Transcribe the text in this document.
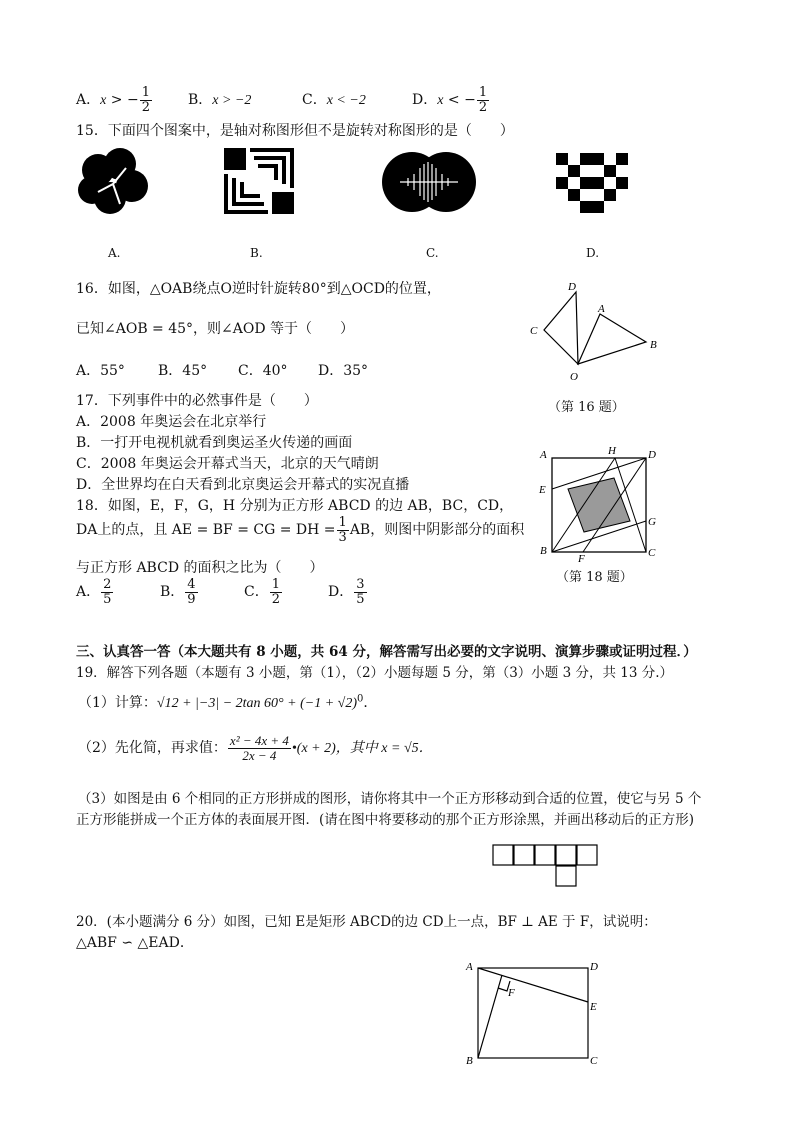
A．x > − $\frac{1}{2}$	B．x > −2	C．x < −2	D．x < − $\frac{1}{2}$
15．下面四个图案中，是轴对称图形但不是旋转对称图形的是（　　）
A.	B.	C.	D.
16．如图，△OAB绕点O逆时针旋转80°到△OCD的位置，
已知∠AOB = 45°，则∠AOD 等于（　　）
A．55° B．45° C．40° D．35°
D
A
C
B
O
（第 16 题）
17．下列事件中的必然事件是（　　）
A．2008 年奥运会在北京举行
B．一打开电视机就看到奥运圣火传递的画面
C．2008 年奥运会开幕式当天，北京的天气晴朗
D．全世界均在白天看到北京奥运会开幕式的实况直播
18．如图，E，F，G，H 分别为正方形 ABCD 的边 AB，BC，CD，
DA上的点，且 AE = BF = CG = DH = $\frac{1}{3}$ AB，则图中阴影部分的面积
与正方形 ABCD 的面积之比为（　　）
A． $\frac{2}{5}$	B． $\frac{4}{9}$	C． $\frac{1}{2}$	D． $\frac{3}{5}$
A	H	D
E
G
B
F	C
（第 18 题）
三、认真答一答（本大题共有 8 小题，共 64 分，解答需写出必要的文字说明、演算步骤或证明过程．）
19．解答下列各题（本题有 3 小题，第（1），（2）小题每题 5 分，第（3）小题 3 分，共 13 分.）
（1）计算：√12 + |−3| − 2tan $60^\circ + (-1 + √2)^0$．
（2）先化简，再求值： $\frac{\text{x² − 4x + 4}}{2x - 4}$ •(x + 2)，其中 x = √5．
（3）如图是由 6 个相同的正方形拼成的图形，请你将其中一个正方形移动到合适的位置，使它与另 5 个
正方形能拼成一个正方体的表面展开图．(请在图中将要移动的那个正方形涂黑，并画出移动后的正方形)
20．(本小题满分 6 分）如图，已知 E是矩形 ABCD的边 CD上一点，BF ⊥ AE 于 F，试说明：
△ABF ∽ △EAD．
A	D
F
E
B	C
